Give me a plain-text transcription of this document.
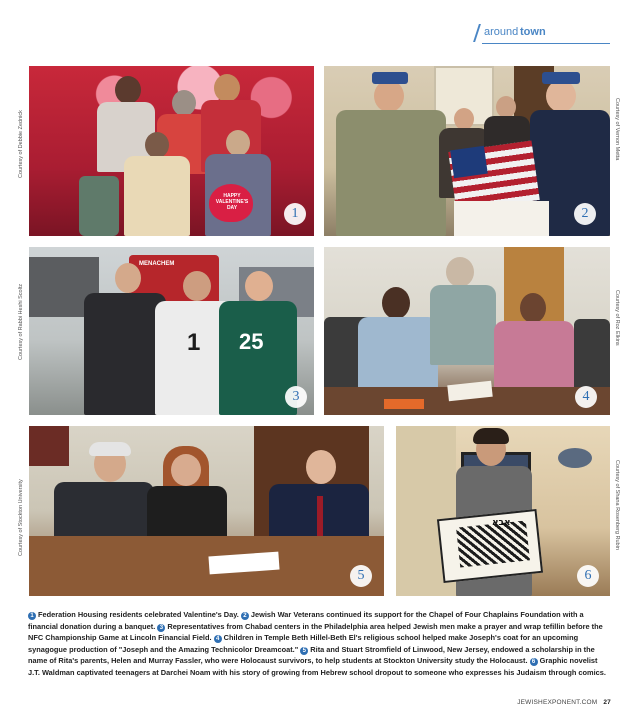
around town
HAPPY VALENTINE'S DAY	1
Courtesy of Debbie Zednick
2
Courtesy of Vernon Metta
MENACHEM
1	25
3
Courtesy of Rabbi Heshi Scoltz
4
Courtesy of Roz Elkins
5
Courtesy of Stockton University	אבא
6
Courtesy of Shana Rosenberg Rubin
1 Federation Housing residents celebrated Valentine's Day. 2 Jewish War Veterans continued its support for the Chapel of Four Chaplains Foundation with a financial donation during a banquet. 3 Representatives from Chabad centers in the Philadelphia area helped Jewish men make a prayer and wrap tefillin before the NFC Championship Game at Lincoln Financial Field. 4 Children in Temple Beth Hillel-Beth El's religious school helped make Joseph's coat for an upcoming synagogue production of "Joseph and the Amazing Technicolor Dreamcoat." 5 Rita and Stuart Stromfield of Linwood, New Jersey, endowed a scholarship in the name of Rita's parents, Helen and Murray Fassler, who were Holocaust survivors, to help students at Stockton University study the Holocaust. 6 Graphic novelist J.T. Waldman captivated teenagers at Darchei Noam with his story of growing from Hebrew school dropout to someone who expresses his Judaism through comics.
JEWISHEXPONENT.COM 27
